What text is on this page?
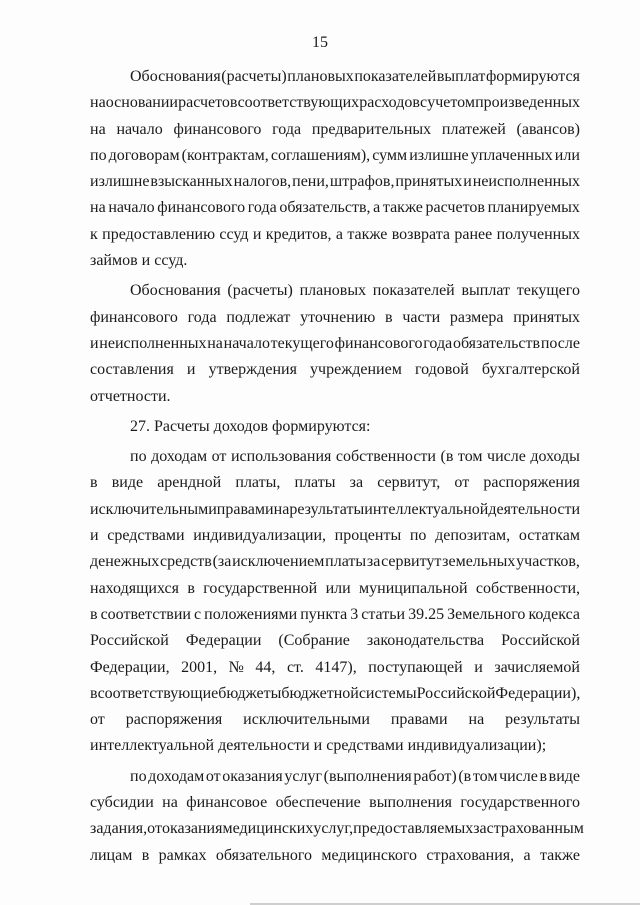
15
Обоснования (расчеты) плановых показателей выплат формируются
на основании расчетов соответствующих расходов с учетом произведенных
на начало финансового года предварительных платежей (авансов)
по договорам (контрактам, соглашениям), сумм излишне уплаченных или
излишне взысканных налогов, пени, штрафов, принятых и неисполненных
на начало финансового года обязательств, а также расчетов планируемых
к предоставлению ссуд и кредитов, а также возврата ранее полученных
займов и ссуд.
Обоснования (расчеты) плановых показателей выплат текущего
финансового года подлежат уточнению в части размера принятых
и неисполненных на начало текущего финансового года обязательств после
составления и утверждения учреждением годовой бухгалтерской
отчетности.
27. Расчеты доходов формируются:
по доходам от использования собственности (в том числе доходы
в виде арендной платы, платы за сервитут, от распоряжения
исключительными правами на результаты интеллектуальной деятельности
и средствами индивидуализации, проценты по депозитам, остаткам
денежных средств (за исключением платы за сервитут земельных участков,
находящихся в государственной или муниципальной собственности,
в соответствии с положениями пункта 3 статьи 39.25 Земельного кодекса
Российской Федерации (Собрание законодательства Российской
Федерации, 2001, № 44, ст. 4147), поступающей и зачисляемой
в соответствующие бюджеты бюджетной системы Российской Федерации),
от распоряжения исключительными правами на результаты
интеллектуальной деятельности и средствами индивидуализации);
по доходам от оказания услуг (выполнения работ) (в том числе в виде
субсидии на финансовое обеспечение выполнения государственного
задания, от оказания медицинских услуг, предоставляемых застрахованным
лицам в рамках обязательного медицинского страхования, а также
